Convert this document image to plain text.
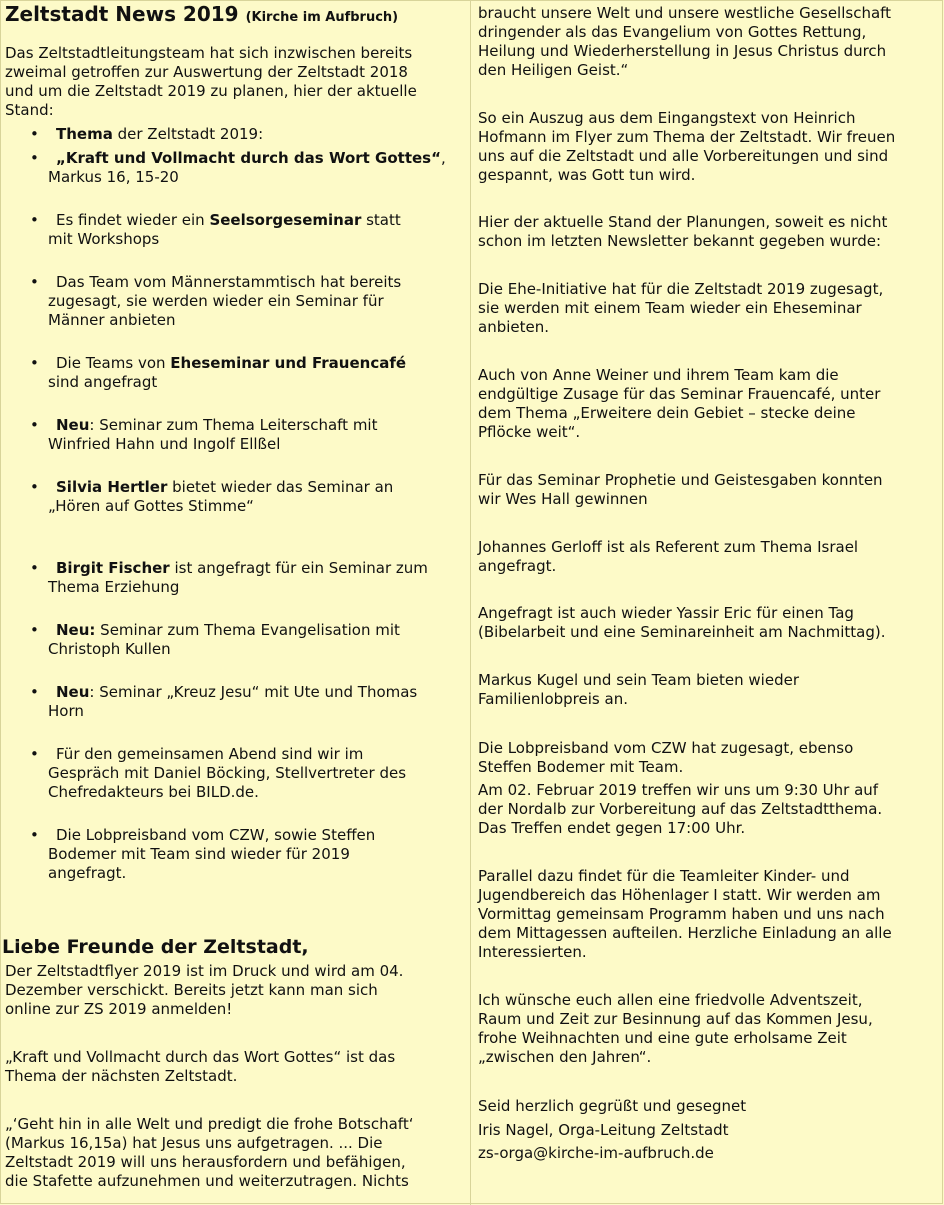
Zeltstadt News 2019 (Kirche im Aufbruch)
Das Zeltstadtleitungsteam hat sich inzwischen bereits
zweimal getroffen zur Auswertung der Zeltstadt 2018
und um die Zeltstadt 2019 zu planen, hier der aktuelle
Stand:
• Thema der Zeltstadt 2019:
• „Kraft und Vollmacht durch das Wort Gottes“,
Markus 16, 15-20
• Es findet wieder ein Seelsorgeseminar statt
mit Workshops
• Das Team vom Männerstammtisch hat bereits
zugesagt, sie werden wieder ein Seminar für
Männer anbieten
• Die Teams von Eheseminar und Frauencafé
sind angefragt
• Neu: Seminar zum Thema Leiterschaft mit
Winfried Hahn und Ingolf Ellßel
• Silvia Hertler bietet wieder das Seminar an
„Hören auf Gottes Stimme“
• Birgit Fischer ist angefragt für ein Seminar zum
Thema Erziehung
• Neu: Seminar zum Thema Evangelisation mit
Christoph Kullen
• Neu: Seminar „Kreuz Jesu“ mit Ute und Thomas
Horn
• Für den gemeinsamen Abend sind wir im
Gespräch mit Daniel Böcking, Stellvertreter des
Chefredakteurs bei BILD.de.
• Die Lobpreisband vom CZW, sowie Steffen
Bodemer mit Team sind wieder für 2019
angefragt.
Liebe Freunde der Zeltstadt,
Der Zeltstadtflyer 2019 ist im Druck und wird am 04.
Dezember verschickt. Bereits jetzt kann man sich
online zur ZS 2019 anmelden!
„Kraft und Vollmacht durch das Wort Gottes“ ist das
Thema der nächsten Zeltstadt.
„‘Geht hin in alle Welt und predigt die frohe Botschaft‘
(Markus 16,15a) hat Jesus uns aufgetragen. ... Die
Zeltstadt 2019 will uns herausfordern und befähigen,
die Stafette aufzunehmen und weiterzutragen. Nichts
braucht unsere Welt und unsere westliche Gesellschaft
dringender als das Evangelium von Gottes Rettung,
Heilung und Wiederherstellung in Jesus Christus durch
den Heiligen Geist.“
So ein Auszug aus dem Eingangstext von Heinrich
Hofmann im Flyer zum Thema der Zeltstadt. Wir freuen
uns auf die Zeltstadt und alle Vorbereitungen und sind
gespannt, was Gott tun wird.
Hier der aktuelle Stand der Planungen, soweit es nicht
schon im letzten Newsletter bekannt gegeben wurde:
Die Ehe-Initiative hat für die Zeltstadt 2019 zugesagt,
sie werden mit einem Team wieder ein Eheseminar
anbieten.
Auch von Anne Weiner und ihrem Team kam die
endgültige Zusage für das Seminar Frauencafé, unter
dem Thema „Erweitere dein Gebiet – stecke deine
Pflöcke weit“.
Für das Seminar Prophetie und Geistesgaben konnten
wir Wes Hall gewinnen
Johannes Gerloff ist als Referent zum Thema Israel
angefragt.
Angefragt ist auch wieder Yassir Eric für einen Tag
(Bibelarbeit und eine Seminareinheit am Nachmittag).
Markus Kugel und sein Team bieten wieder
Familienlobpreis an.
Die Lobpreisband vom CZW hat zugesagt, ebenso
Steffen Bodemer mit Team.
Am 02. Februar 2019 treffen wir uns um 9:30 Uhr auf
der Nordalb zur Vorbereitung auf das Zeltstadtthema.
Das Treffen endet gegen 17:00 Uhr.
Parallel dazu findet für die Teamleiter Kinder- und
Jugendbereich das Höhenlager I statt. Wir werden am
Vormittag gemeinsam Programm haben und uns nach
dem Mittagessen aufteilen. Herzliche Einladung an alle
Interessierten.
Ich wünsche euch allen eine friedvolle Adventszeit,
Raum und Zeit zur Besinnung auf das Kommen Jesu,
frohe Weihnachten und eine gute erholsame Zeit
„zwischen den Jahren“.
Seid herzlich gegrüßt und gesegnet
Iris Nagel, Orga-Leitung Zeltstadt
zs-orga@kirche-im-aufbruch.de
